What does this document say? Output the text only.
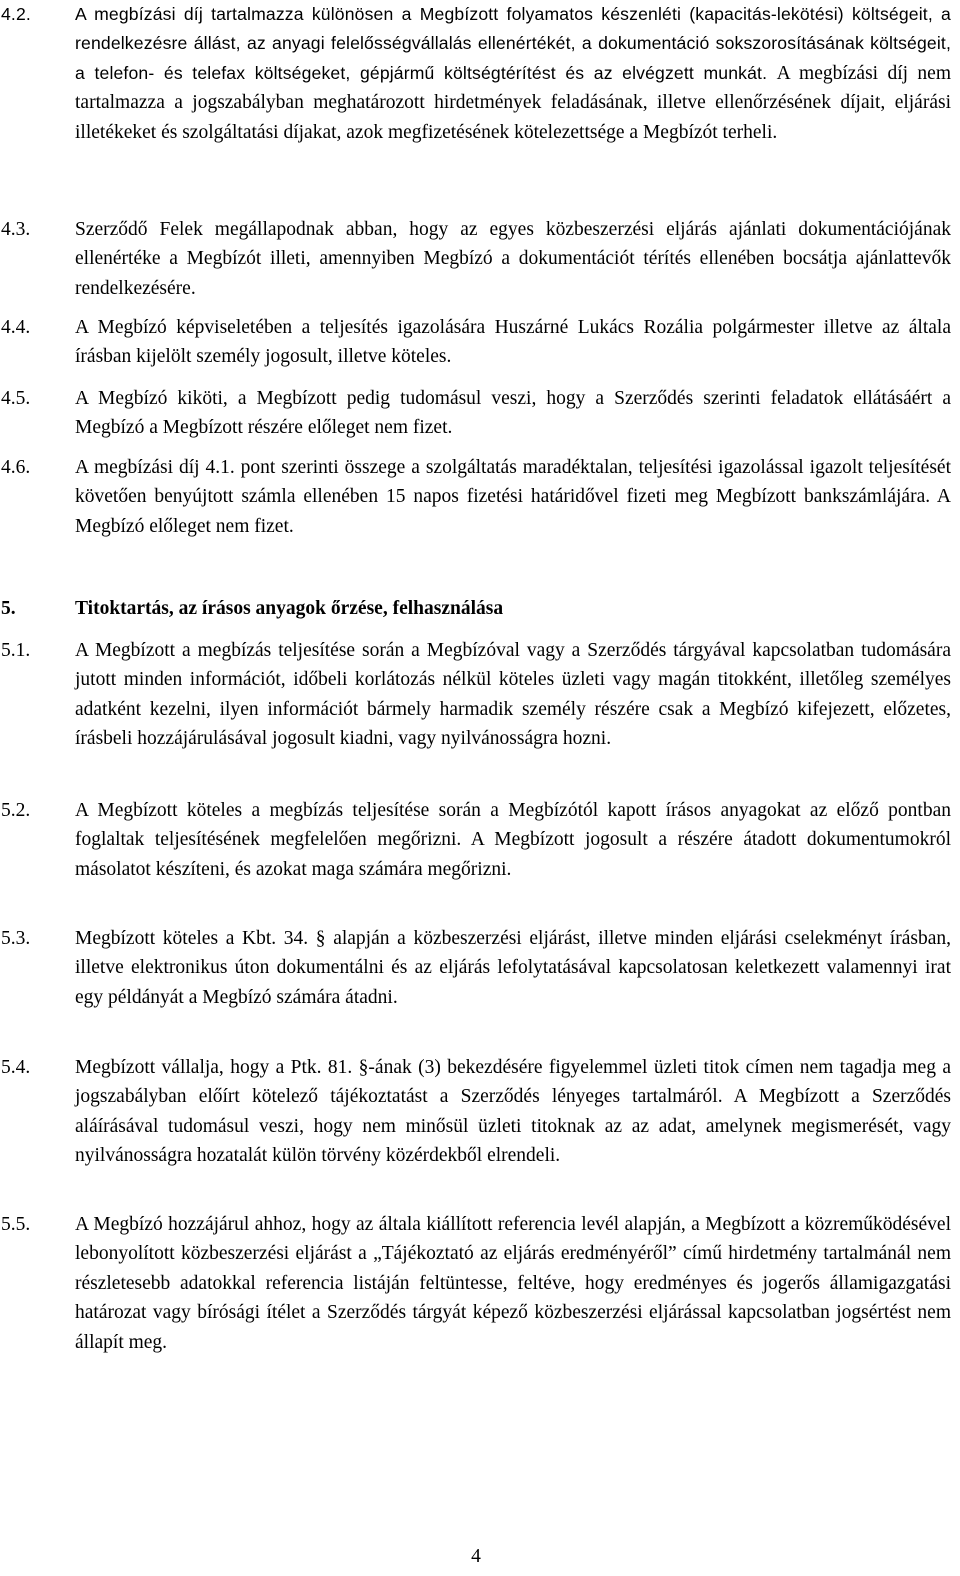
4.2.	A megbízási díj tartalmazza különösen a Megbízott folyamatos készenléti (kapacitás-lekötési) költségeit, a rendelkezésre állást, az anyagi felelősségvállalás ellenértékét, a dokumentáció sokszorosításának költségeit, a telefon- és telefax költségeket, gépjármű költségtérítést és az elvégzett munkát. A megbízási díj nem tartalmazza a jogszabályban meghatározott hirdetmények feladásának, illetve ellenőrzésének díjait, eljárási illetékeket és szolgáltatási díjakat, azok megfizetésének kötelezettsége a Megbízót terheli.
4.3. Szerződő Felek megállapodnak abban, hogy az egyes közbeszerzési eljárás ajánlati dokumentációjának ellenértéke a Megbízót illeti, amennyiben Megbízó a dokumentációt térítés ellenében bocsátja ajánlattevők rendelkezésére.
4.4. A Megbízó képviseletében a teljesítés igazolására Huszárné Lukács Rozália polgármester illetve az általa írásban kijelölt személy jogosult, illetve köteles.
4.5. A Megbízó kiköti, a Megbízott pedig tudomásul veszi, hogy a Szerződés szerinti feladatok ellátásáért a Megbízó a Megbízott részére előleget nem fizet.
4.6. A megbízási díj 4.1. pont szerinti összege a szolgáltatás maradéktalan, teljesítési igazolással igazolt teljesítését követően benyújtott számla ellenében 15 napos fizetési határidővel fizeti meg Megbízott bankszámlájára. A Megbízó előleget nem fizet.
5.	Titoktartás, az írásos anyagok őrzése, felhasználása
5.1. A Megbízott a megbízás teljesítése során a Megbízóval vagy a Szerződés tárgyával kapcsolatban tudomására jutott minden információt, időbeli korlátozás nélkül köteles üzleti vagy magán titokként, illetőleg személyes adatként kezelni, ilyen információt bármely harmadik személy részére csak a Megbízó kifejezett, előzetes, írásbeli hozzájárulásával jogosult kiadni, vagy nyilvánosságra hozni.
5.2. A Megbízott köteles a megbízás teljesítése során a Megbízótól kapott írásos anyagokat az előző pontban foglaltak teljesítésének megfelelően megőrizni. A Megbízott jogosult a részére átadott dokumentumokról másolatot készíteni, és azokat maga számára megőrizni.
5.3. Megbízott köteles a Kbt. 34. § alapján a közbeszerzési eljárást, illetve minden eljárási cselekményt írásban, illetve elektronikus úton dokumentálni és az eljárás lefolytatásával kapcsolatosan keletkezett valamennyi irat egy példányát a Megbízó számára átadni.
5.4. Megbízott vállalja, hogy a Ptk. 81. §-ának (3) bekezdésére figyelemmel üzleti titok címen nem tagadja meg a jogszabályban előírt kötelező tájékoztatást a Szerződés lényeges tartalmáról. A Megbízott a Szerződés aláírásával tudomásul veszi, hogy nem minősül üzleti titoknak az az adat, amelynek megismerését, vagy nyilvánosságra hozatalát külön törvény közérdekből elrendeli.
5.5. A Megbízó hozzájárul ahhoz, hogy az általa kiállított referencia levél alapján, a Megbízott a közreműködésével lebonyolított közbeszerzési eljárást a „Tájékoztató az eljárás eredményéről” című hirdetmény tartalmánál nem részletesebb adatokkal referencia listáján feltüntesse, feltéve, hogy eredményes és jogerős államigazgatási határozat vagy bírósági ítélet a Szerződés tárgyát képező közbeszerzési eljárással kapcsolatban jogsértést nem állapít meg.
4
